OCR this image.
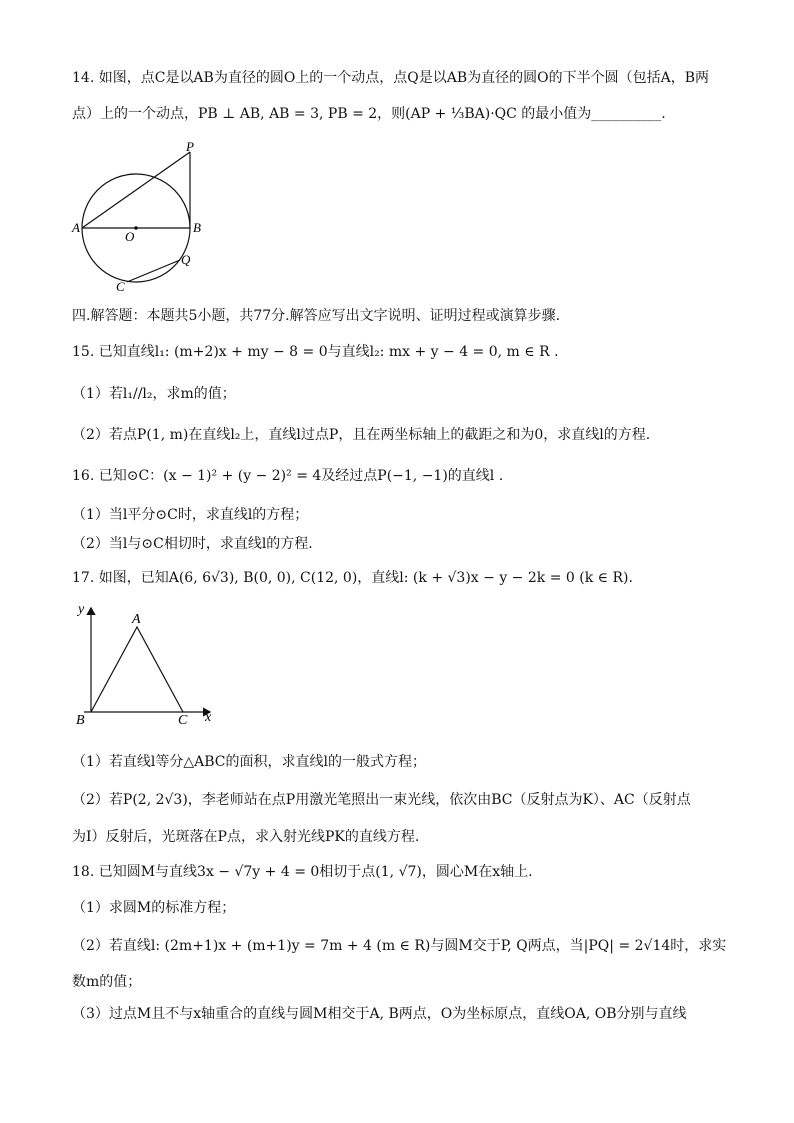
14. 如图，点C是以AB为直径的圆O上的一个动点，点Q是以AB为直径的圆O的下半个圆（包括A，B两
点）上的一个动点，PB ⊥ AB, AB = 3, PB = 2，则(AP + ⅓BA)·QC 的最小值为__________.
P
A
O
B
Q
C
四.解答题：本题共5小题，共77分.解答应写出文字说明、证明过程或演算步骤.
15. 已知直线l₁: (m+2)x + my − 8 = 0与直线l₂: mx + y − 4 = 0, m ∈ R .
（1）若l₁//l₂，求m的值；
（2）若点P(1, m)在直线l₂上，直线l过点P，且在两坐标轴上的截距之和为0，求直线l的方程.
16. 已知⊙C：(x − 1)² + (y − 2)² = 4及经过点P(−1, −1)的直线l .
（1）当l平分⊙C时，求直线l的方程；
（2）当l与⊙C相切时，求直线l的方程.
17. 如图，已知A(6, 6√3), B(0, 0), C(12, 0)，直线l: (k + √3)x − y − 2k = 0 (k ∈ R).
y
A
B	C x
（1）若直线l等分△ABC的面积，求直线l的一般式方程；
（2）若P(2, 2√3)，李老师站在点P用激光笔照出一束光线，依次由BC（反射点为K）、AC（反射点
为I）反射后，光斑落在P点，求入射光线PK的直线方程.
18. 已知圆M与直线3x − √7y + 4 = 0相切于点(1, √7)，圆心M在x轴上.
（1）求圆M的标准方程；
（2）若直线l: (2m+1)x + (m+1)y = 7m + 4 (m ∈ R)与圆M交于P, Q两点，当|PQ| = 2√14时，求实
数m的值；
（3）过点M且不与x轴重合的直线与圆M相交于A, B两点，O为坐标原点，直线OA, OB分别与直线
